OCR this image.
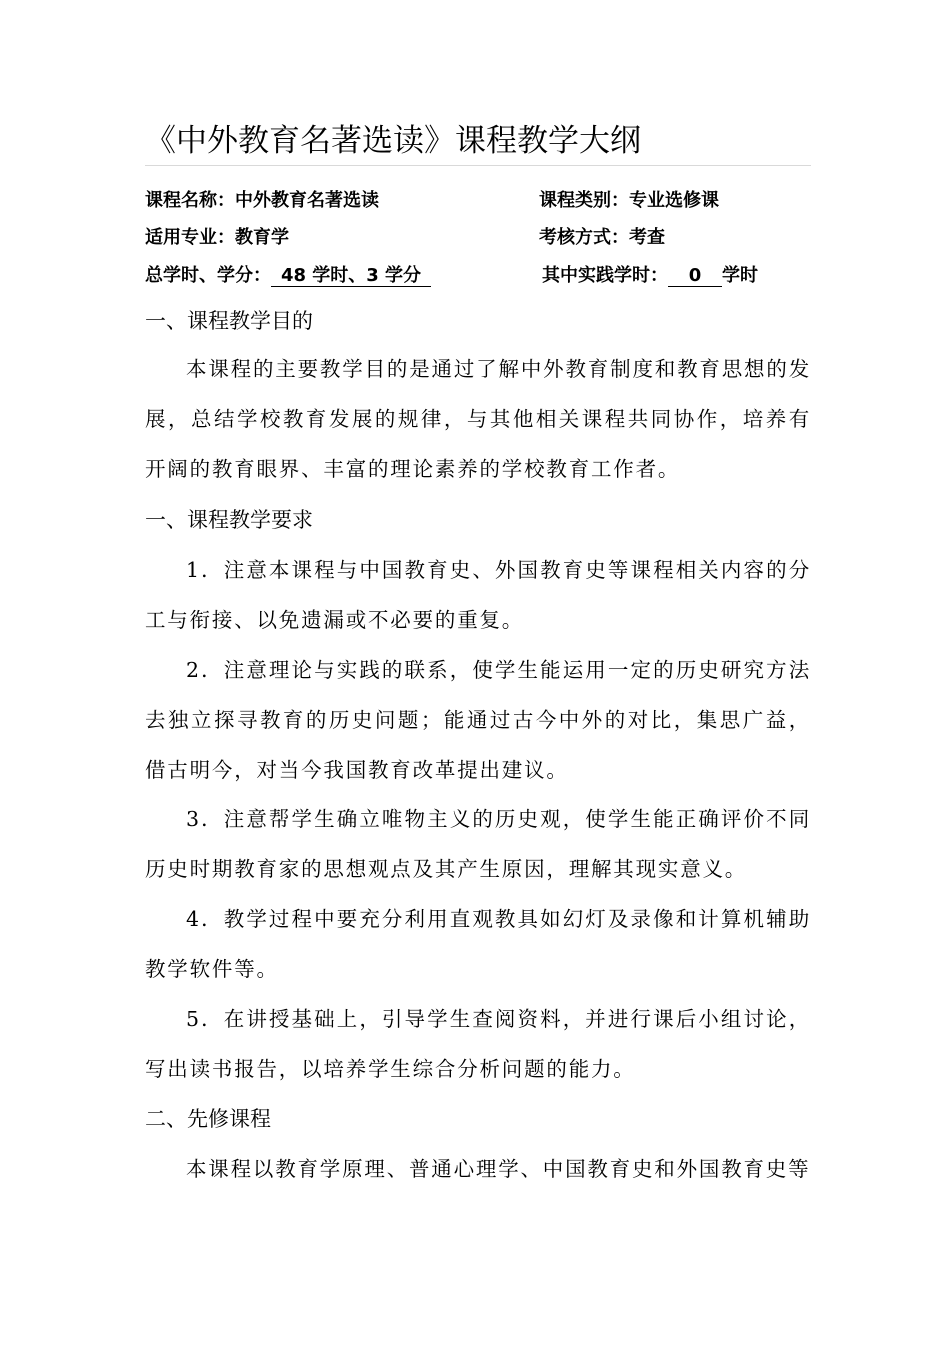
《中外教育名著选读》课程教学大纲
课程名称：中外教育名著选读	课程类别：专业选修课
适用专业：教育学	考核方式：考查
总学时、学分： 48 学时、3 学分	其中实践学时： 0 学时
一、课程教学目的

本课程的主要教学目的是通过了解中外教育制度和教育思想的发展，总结学校教育发展的规律，与其他相关课程共同协作，培养有开阔的教育眼界、丰富的理论素养的学校教育工作者。

一、课程教学要求

1．注意本课程与中国教育史、外国教育史等课程相关内容的分工与衔接、以免遗漏或不必要的重复。

2．注意理论与实践的联系，使学生能运用一定的历史研究方法去独立探寻教育的历史问题；能通过古今中外的对比，集思广益，借古明今，对当今我国教育改革提出建议。

3．注意帮学生确立唯物主义的历史观，使学生能正确评价不同历史时期教育家的思想观点及其产生原因，理解其现实意义。

4．教学过程中要充分利用直观教具如幻灯及录像和计算机辅助教学软件等。

5．在讲授基础上，引导学生查阅资料，并进行课后小组讨论，写出读书报告，以培养学生综合分析问题的能力。

二、先修课程

本课程以教育学原理、普通心理学、中国教育史和外国教育史等
